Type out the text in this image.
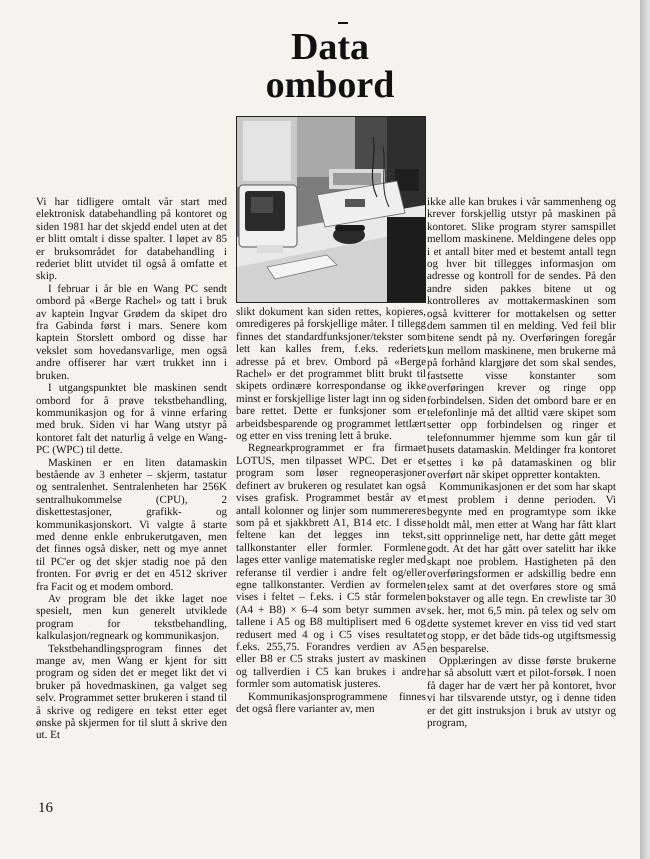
Data
ombord

Vi har tidligere omtalt vår start med elektronisk databehandling på kontoret og siden 1981 har det skjedd endel uten at det er blitt omtalt i disse spalter. I løpet av 85 er bruksområdet for databehandling i rederiet blitt utvidet til også å omfatte et skip.

I februar i år ble en Wang PC sendt ombord på «Berge Rachel» og tatt i bruk av kaptein Ingvar Grødem da skipet dro fra Gabinda først i mars. Senere kom kaptein Storslett ombord og disse har vekslet som hovedansvarlige, men også andre offiserer har vært trukket inn i bruken.

I utgangspunktet ble maskinen sendt ombord for å prøve tekstbehandling, kommunikasjon og for å vinne erfaring med bruk. Siden vi har Wang utstyr på kontoret falt det naturlig å velge en Wang-PC (WPC) til dette.

Maskinen er en liten datamaskin bestående av 3 enheter – skjerm, tastatur og sentralenhet. Sentralenheten har 256K sentralhukommelse (CPU), 2 diskettestasjoner, grafikk- og kommunikasjonskort. Vi valgte å starte med denne enkle enbrukerutgaven, men det finnes også disker, nett og mye annet til PC'er og det skjer stadig noe på den fronten. For øvrig er det en 4512 skriver fra Facit og et modem ombord.

Av program ble det ikke laget noe spesielt, men kun generelt utviklede program for tekstbehandling, kalkulasjon/regneark og kommunikasjon.

Tekstbehandlingsprogram finnes det mange av, men Wang er kjent for sitt program og siden det er meget likt det vi bruker på hovedmaskinen, ga valget seg selv. Programmet setter brukeren i stand til å skrive og redigere en tekst etter eget ønske på skjermen for til slutt å skrive den ut. Et

slikt dokument kan siden rettes, kopieres, omredigeres på forskjellige måter. I tillegg finnes det standardfunksjoner/tekster som lett kan kalles frem, f.eks. rederiets adresse på et brev. Ombord på «Berge Rachel» er det programmet blitt brukt til skipets ordinære korrespondanse og ikke minst er forskjellige lister lagt inn og siden bare rettet. Dette er funksjoner som er arbeidsbesparende og programmet lettlært og etter en viss trening lett å bruke.

Regnearkprogrammet er fra firmaet LOTUS, men tilpasset WPC. Det er et program som løser regneoperasjoner definert av brukeren og resulatet kan også vises grafisk. Programmet består av et antall kolonner og linjer som nummereres som på et sjakkbrett A1, B14 etc. I disse feltene kan det legges inn tekst, tallkonstanter eller formler. Formlene lages etter vanlige matematiske regler med referanse til verdier i andre felt og/eller egne tallkonstanter. Verdien av formelen vises i feltet – f.eks. i C5 står formelen (A4 + B8) × 6–4 som betyr summen av tallene i A5 og B8 multiplisert med 6 og redusert med 4 og i C5 vises resultatet f.eks. 255,75. Forandres verdien av A5 eller B8 er C5 straks justert av maskinen og tallverdien i C5 kan brukes i andre formler som automatisk justeres.

Kommunikasjonsprogrammene finnes det også flere varianter av, men

ikke alle kan brukes i vår sammenheng og krever forskjellig utstyr på maskinen på kontoret. Slike program styrer samspillet mellom maskinene. Meldingene deles opp i et antall biter med et bestemt antall tegn og hver bit tillegges informasjon om adresse og kontroll for de sendes. På den andre siden pakkes bitene ut og kontrolleres av mottakermaskinen som også kvitterer for mottakelsen og setter dem sammen til en melding. Ved feil blir bitene sendt på ny. Overføringen foregår kun mellom maskinene, men brukerne må på forhånd klargjøre det som skal sendes, fastsette visse konstanter som overføringen krever og ringe opp forbindelsen. Siden det ombord bare er en telefonlinje må det alltid være skipet som setter opp forbindelsen og ringer et telefonnummer hjemme som kun går til husets datamaskin. Meldinger fra kontoret settes i kø på datamaskinen og blir overført når skipet oppretter kontakten.

Kommunikasjonen er det som har skapt mest problem i denne perioden. Vi begynte med en programtype som ikke holdt mål, men etter at Wang har fått klart sitt opprinnelige nett, har dette gått meget godt. At det har gått over satelitt har ikke skapt noe problem. Hastigheten på den overføringsformen er adskillig bedre enn telex samt at det overføres store og små bokstaver og alle tegn. En crewliste tar 30 sek. her, mot 6,5 min. på telex og selv om dette systemet krever en viss tid ved start og stopp, er det både tids-og utgiftsmessig en besparelse.

Opplæringen av disse første brukerne har så absolutt vært et pilot-forsøk. I noen få dager har de vært her på kontoret, hvor vi har tilsvarende utstyr, og i denne tiden er det gitt instruksjon i bruk av utstyr og program,

16
